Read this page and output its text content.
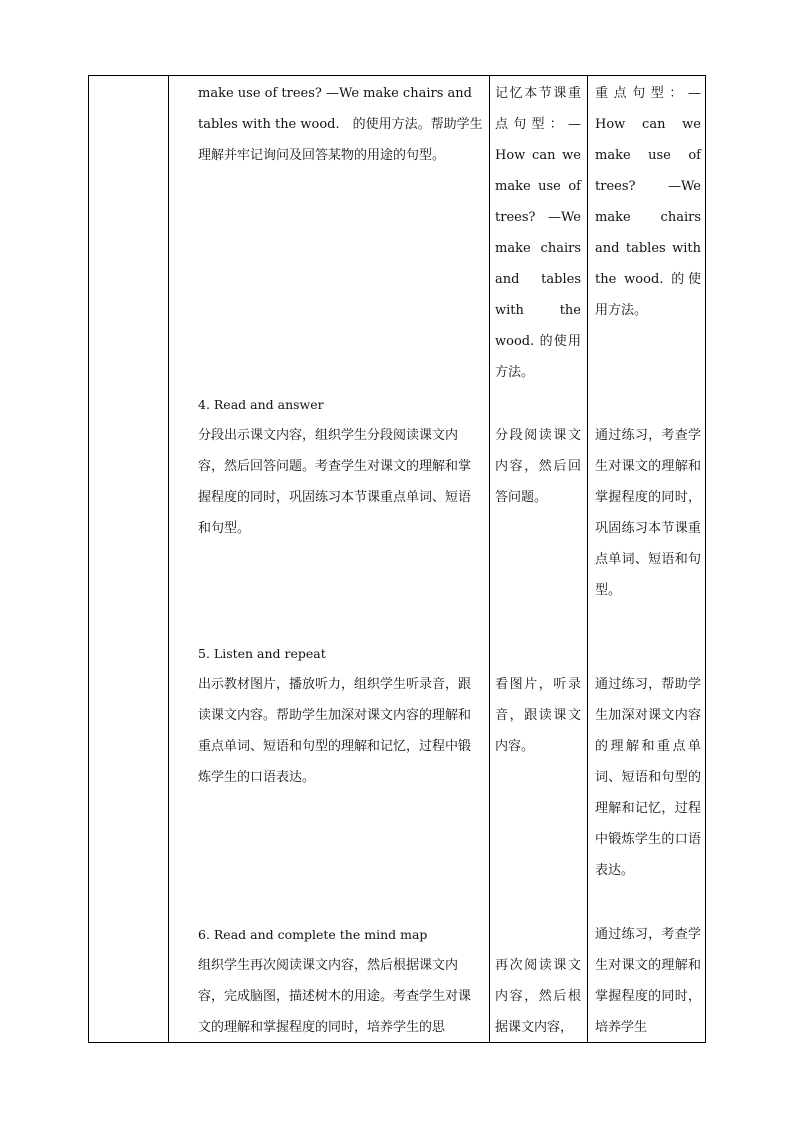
make use of trees? —We make chairs and tables with the wood.　的使用方法。帮助学生理解并牢记询问及回答某物的用途的句型。

记忆本节课重点句型：—How can we make use of trees? —We make chairs and tables with the wood. 的使用方法。

重点句型：—How can we make use of trees? —We make chairs and tables with the wood. 的使用方法。

4. Read and answer

分段出示课文内容，组织学生分段阅读课文内容，然后回答问题。考查学生对课文的理解和掌握程度的同时，巩固练习本节课重点单词、短语和句型。

分段阅读课文内容，然后回答问题。

通过练习，考查学生对课文的理解和掌握程度的同时，巩固练习本节课重点单词、短语和句型。

5. Listen and repeat

出示教材图片，播放听力，组织学生听录音，跟读课文内容。帮助学生加深对课文内容的理解和重点单词、短语和句型的理解和记忆，过程中锻炼学生的口语表达。

看图片，听录音，跟读课文内容。

通过练习，帮助学生加深对课文内容的理解和重点单词、短语和句型的理解和记忆，过程中锻炼学生的口语表达。

6. Read and complete the mind map

组织学生再次阅读课文内容，然后根据课文内容，完成脑图，描述树木的用途。考查学生对课文的理解和掌握程度的同时，培养学生的思

再次阅读课文内容，然后根据课文内容，

通过练习，考查学生对课文的理解和掌握程度的同时，培养学生
